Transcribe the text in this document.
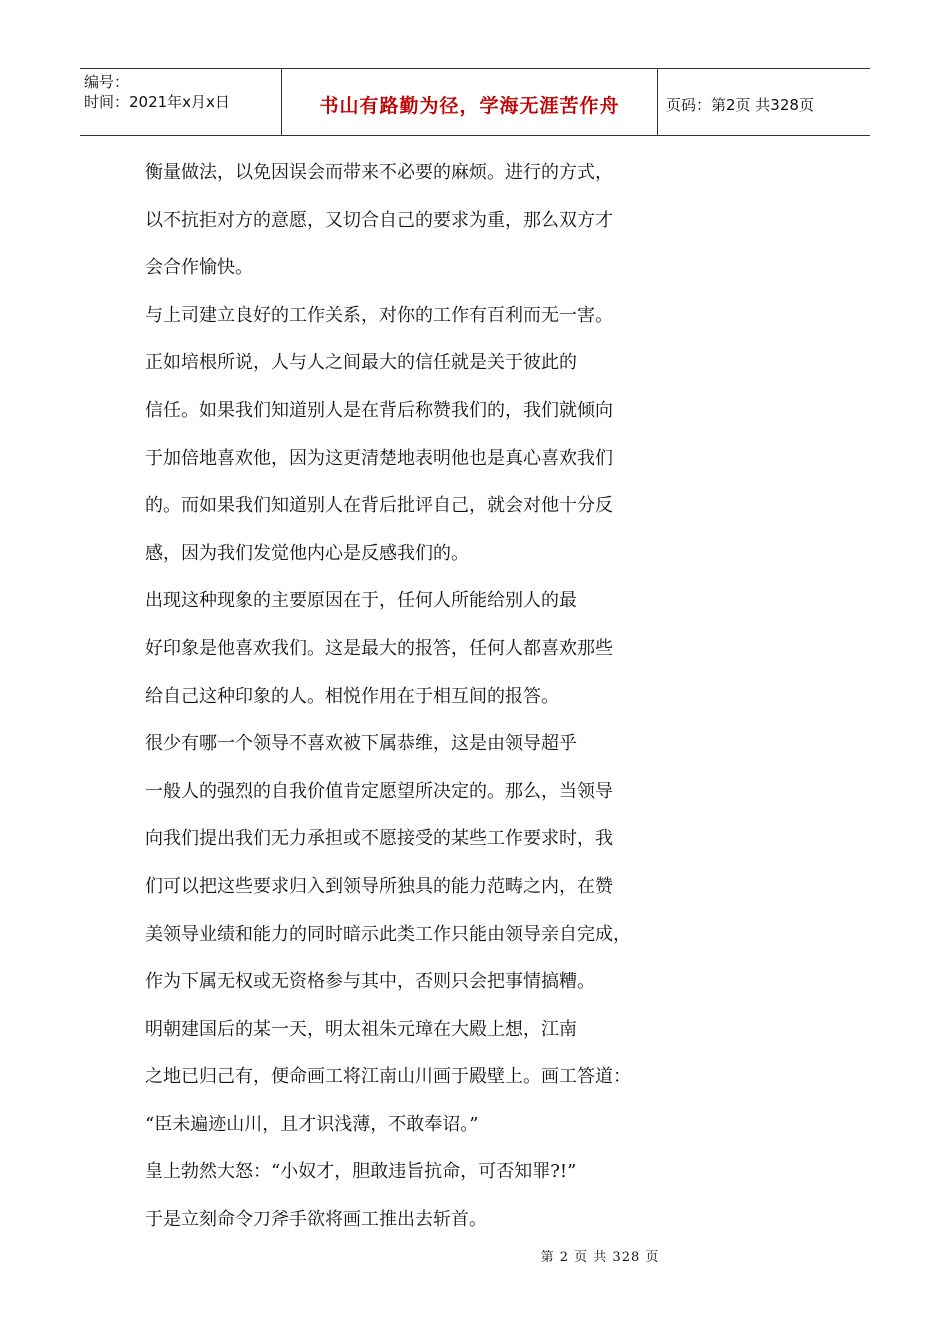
编号：
时间：2021年x月x日	书山有路勤为径，学海无涯苦作舟	页码：第2页 共328页
衡量做法，以免因误会而带来不必要的麻烦。进行的方式，
以不抗拒对方的意愿，又切合自己的要求为重，那么双方才
会合作愉快。
与上司建立良好的工作关系，对你的工作有百利而无一害。
正如培根所说，人与人之间最大的信任就是关于彼此的
信任。如果我们知道别人是在背后称赞我们的，我们就倾向
于加倍地喜欢他，因为这更清楚地表明他也是真心喜欢我们
的。而如果我们知道别人在背后批评自己，就会对他十分反
感，因为我们发觉他内心是反感我们的。
出现这种现象的主要原因在于，任何人所能给别人的最
好印象是他喜欢我们。这是最大的报答，任何人都喜欢那些
给自己这种印象的人。相悦作用在于相互间的报答。
很少有哪一个领导不喜欢被下属恭维，这是由领导超乎
一般人的强烈的自我价值肯定愿望所决定的。那么，当领导
向我们提出我们无力承担或不愿接受的某些工作要求时，我
们可以把这些要求归入到领导所独具的能力范畴之内，在赞
美领导业绩和能力的同时暗示此类工作只能由领导亲自完成，
作为下属无权或无资格参与其中，否则只会把事情搞糟。
明朝建国后的某一天，明太祖朱元璋在大殿上想，江南
之地已归己有，便命画工将江南山川画于殿壁上。画工答道：
“臣未遍迹山川，且才识浅薄，不敢奉诏。”
皇上勃然大怒：“小奴才，胆敢违旨抗命，可否知罪?!”
于是立刻命令刀斧手欲将画工推出去斩首。
第 2 页 共 328 页
